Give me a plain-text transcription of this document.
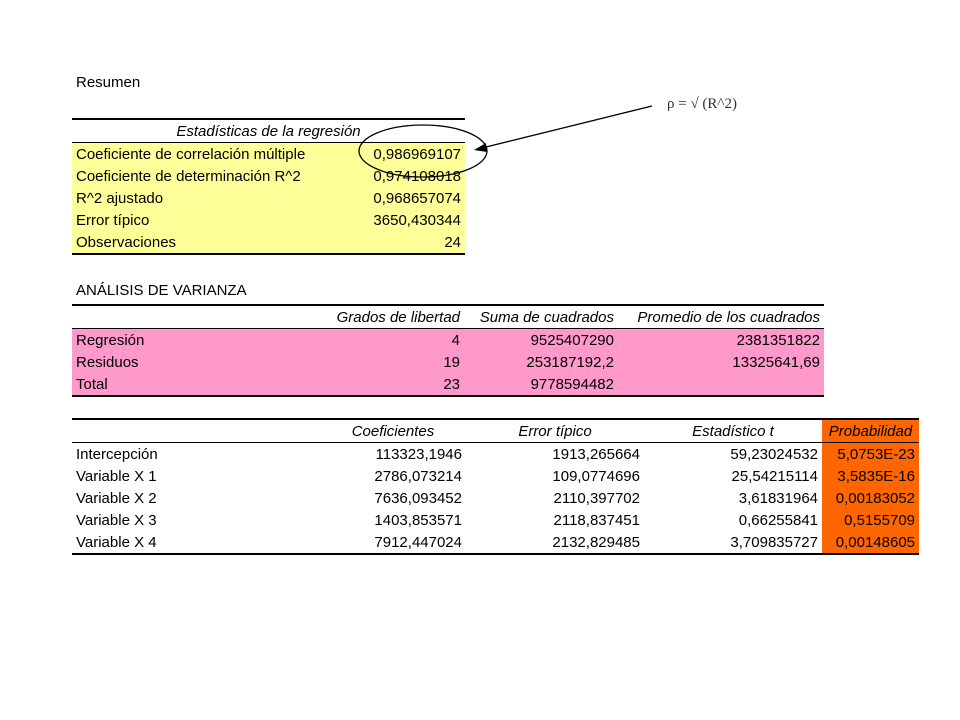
Resumen
ρ = √ (R^2)
Estadísticas de la regresión	
Coeficiente de correlación múltiple	0,986969107
Coeficiente de determinación R^2	0,974108018
R^2 ajustado	0,968657074
Error típico	3650,430344
Observaciones	24
ANÁLISIS DE VARIANZA
	Grados de libertad	Suma de cuadrados	Promedio de los cuadrados
Regresión	4	9525407290	2381351822
Residuos	19	253187192,2	13325641,69
Total	23	9778594482	
	Coeficientes	Error típico	Estadístico t	Probabilidad
Intercepción	113323,1946	1913,265664	59,23024532	5,0753E-23
Variable X 1	2786,073214	109,0774696	25,54215114	3,5835E-16
Variable X 2	7636,093452	2110,397702	3,61831964	0,00183052
Variable X 3	1403,853571	2118,837451	0,66255841	0,5155709
Variable X 4	7912,447024	2132,829485	3,709835727	0,00148605
